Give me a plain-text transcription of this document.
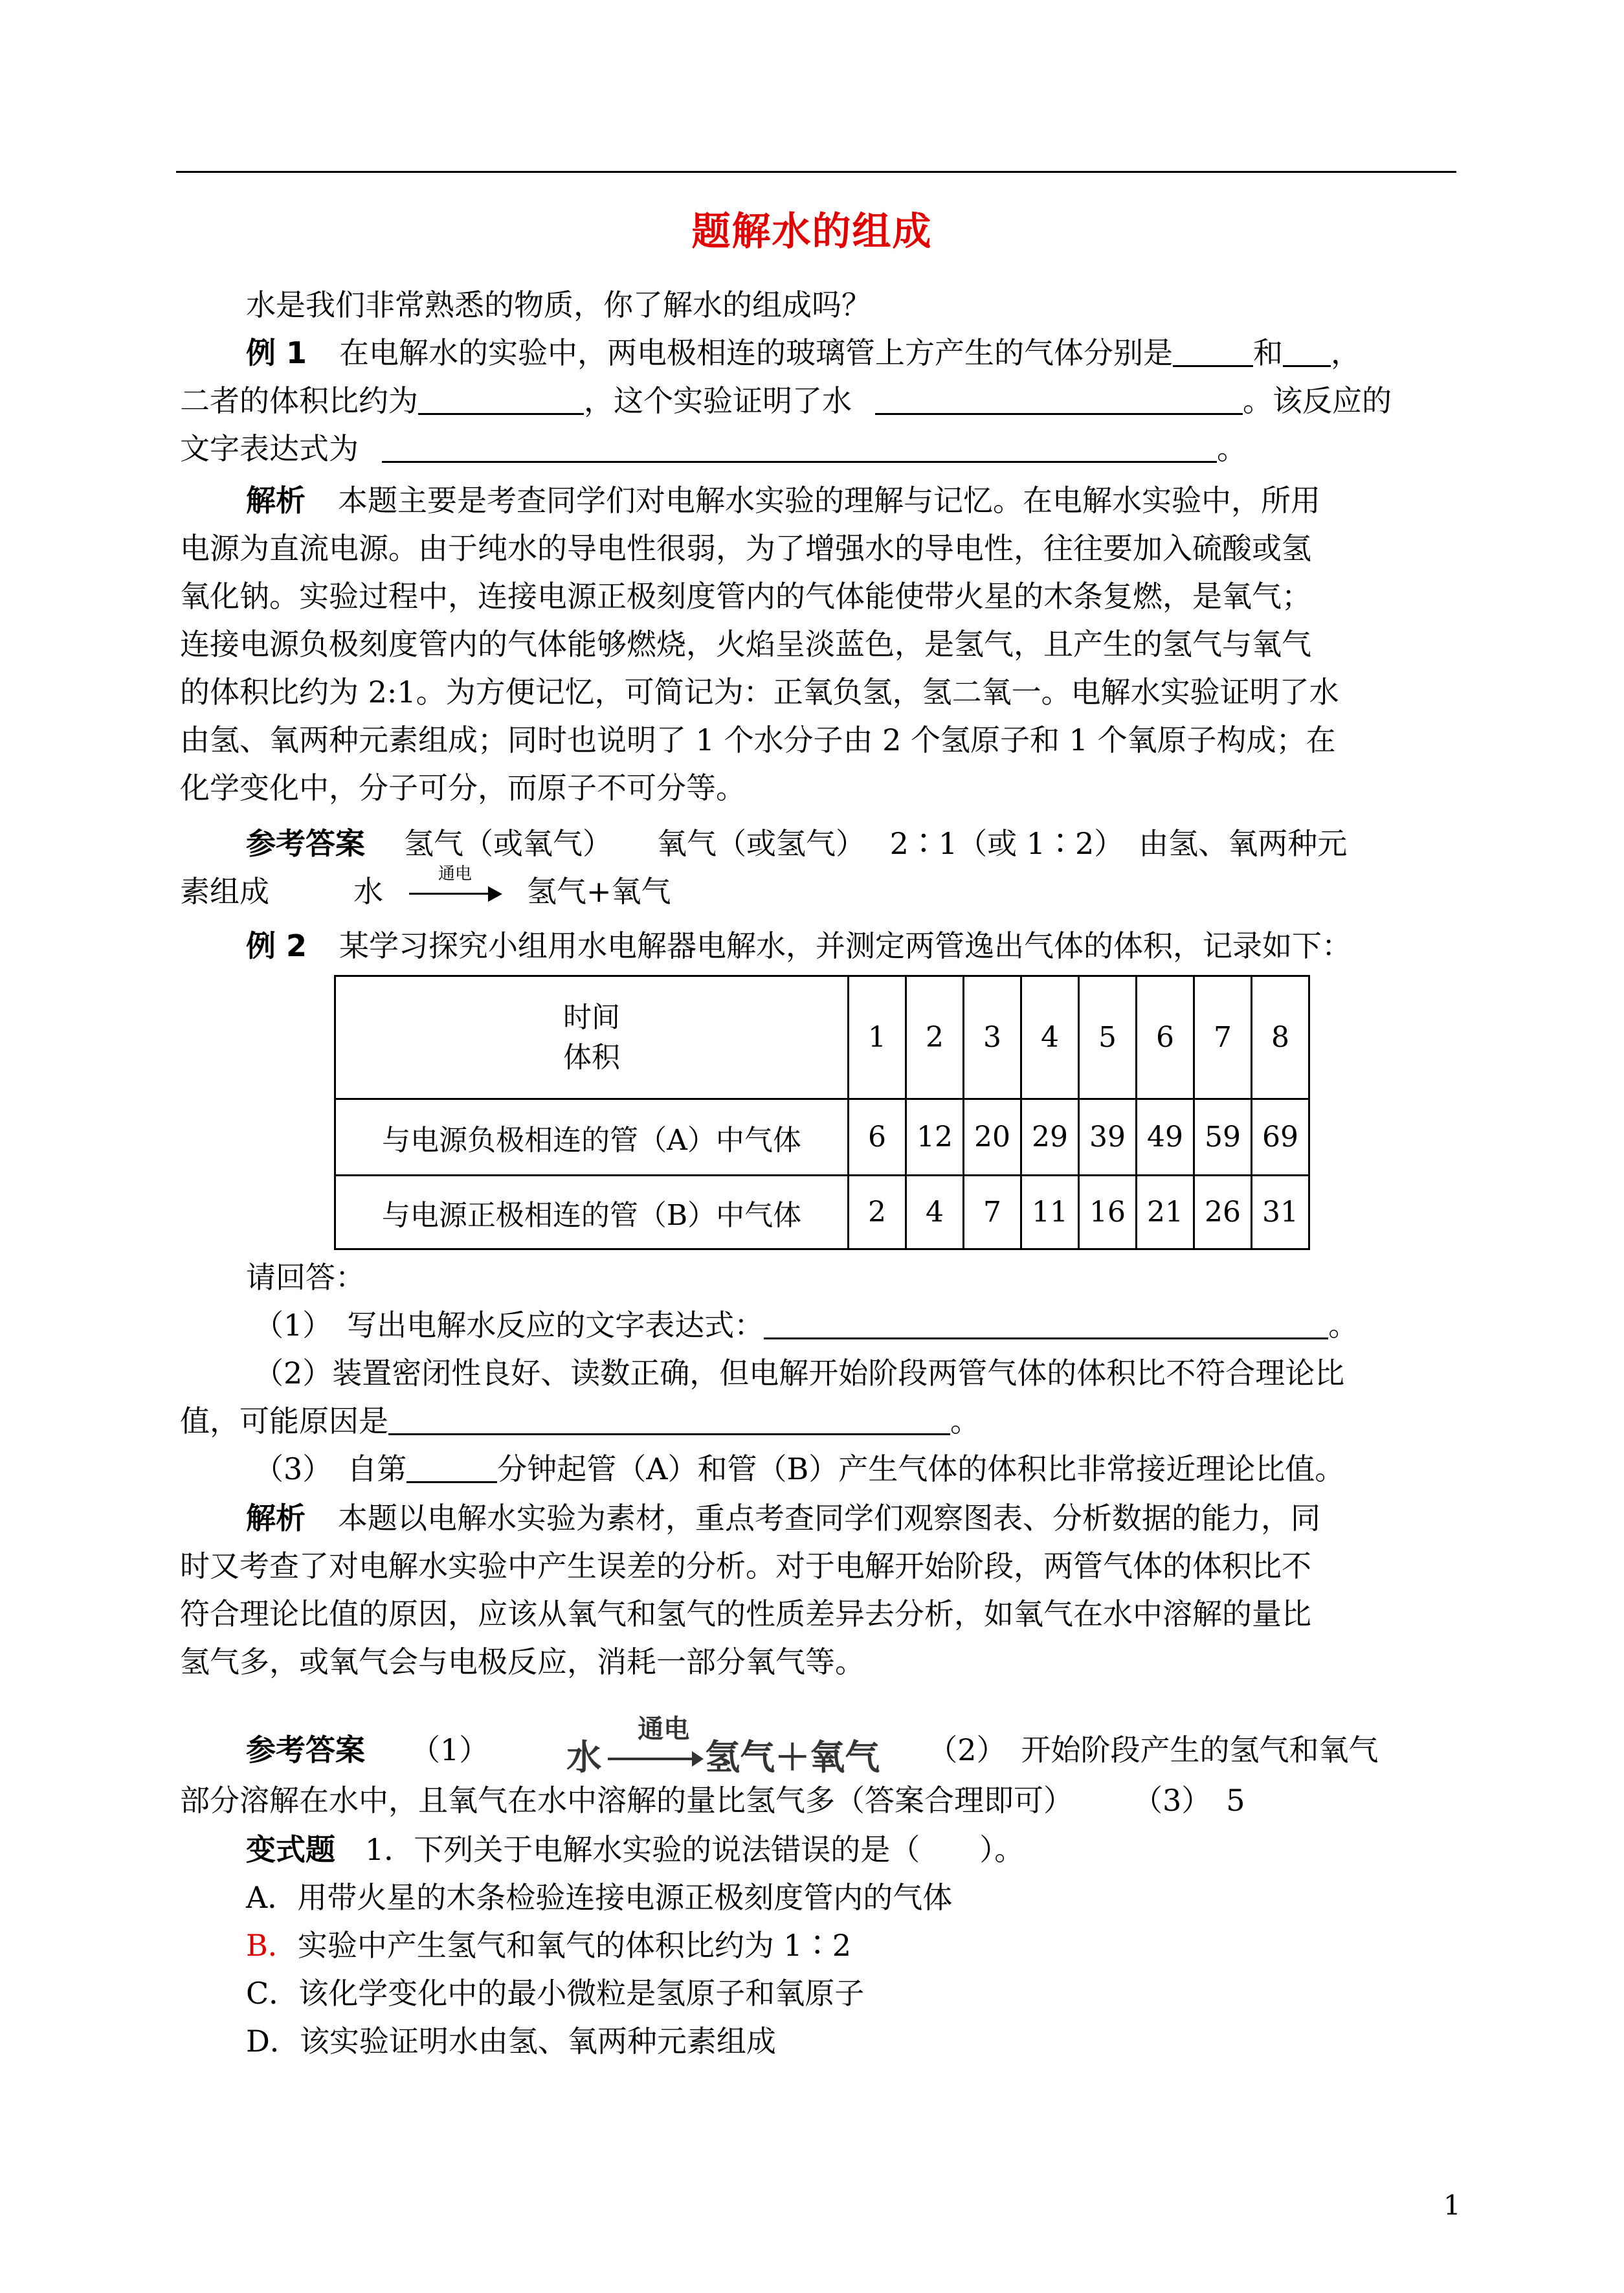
题解水的组成
水是我们非常熟悉的物质，你了解水的组成吗？
例 1 在电解水的实验中，两电极相连的玻璃管上方产生的气体分别是	和 ，
二者的体积比约为	，这个实验证明了水	。该反应的
文字表达式为	。
解析 本题主要是考查同学们对电解水实验的理解与记忆。在电解水实验中，所用
电源为直流电源。由于纯水的导电性很弱，为了增强水的导电性，往往要加入硫酸或氢
氧化钠。实验过程中，连接电源正极刻度管内的气体能使带火星的木条复燃，是氧气；
连接电源负极刻度管内的气体能够燃烧，火焰呈淡蓝色，是氢气，且产生的氢气与氧气
的体积比约为 2:1。为方便记忆，可简记为：正氧负氢，氢二氧一。电解水实验证明了水
由氢、氧两种元素组成；同时也说明了 1 个水分子由 2 个氢原子和 1 个氧原子构成；在
化学变化中，分子可分，而原子不可分等。
参考答案 氢气（或氧气）　　氧气（或氢气）　 2∶1（或 1∶2）　由氢、氧两种元
素组成	水	通电	氢气+氧气
例 2 某学习探究小组用水电解器电解水，并测定两管逸出气体的体积，记录如下：
时间
体积	1	2	3	4	5	6	7	8
与电源负极相连的管（A）中气体	6	12	20	29	39	49	59	69
与电源正极相连的管（B）中气体	2	4	7	11	16	21	26	31
请回答：
（1）　写出电解水反应的文字表达式：	。
（2）装置密闭性良好、读数正确，但电解开始阶段两管气体的体积比不符合理论比
值，可能原因是	。
（3）　自第	分钟起管（A）和管（B）产生气体的体积比非常接近理论比值。
解析 本题以电解水实验为素材，重点考查同学们观察图表、分析数据的能力，同
时又考查了对电解水实验中产生误差的分析。对于电解开始阶段，两管气体的体积比不
符合理论比值的原因，应该从氧气和氢气的性质差异去分析，如氧气在水中溶解的量比
氢气多，或氧气会与电极反应，消耗一部分氧气等。
参考答案 （1） 水
通电
氢气＋氧气 （2）　开始阶段产生的氢气和氧气
部分溶解在水中，且氧气在水中溶解的量比氢气多（答案合理即可）　　　（3）　5
变式题 1．下列关于电解水实验的说法错误的是（　　）。
A．用带火星的木条检验连接电源正极刻度管内的气体
B．实验中产生氢气和氧气的体积比约为 1∶2
C．该化学变化中的最小微粒是氢原子和氧原子
D．该实验证明水由氢、氧两种元素组成
1
